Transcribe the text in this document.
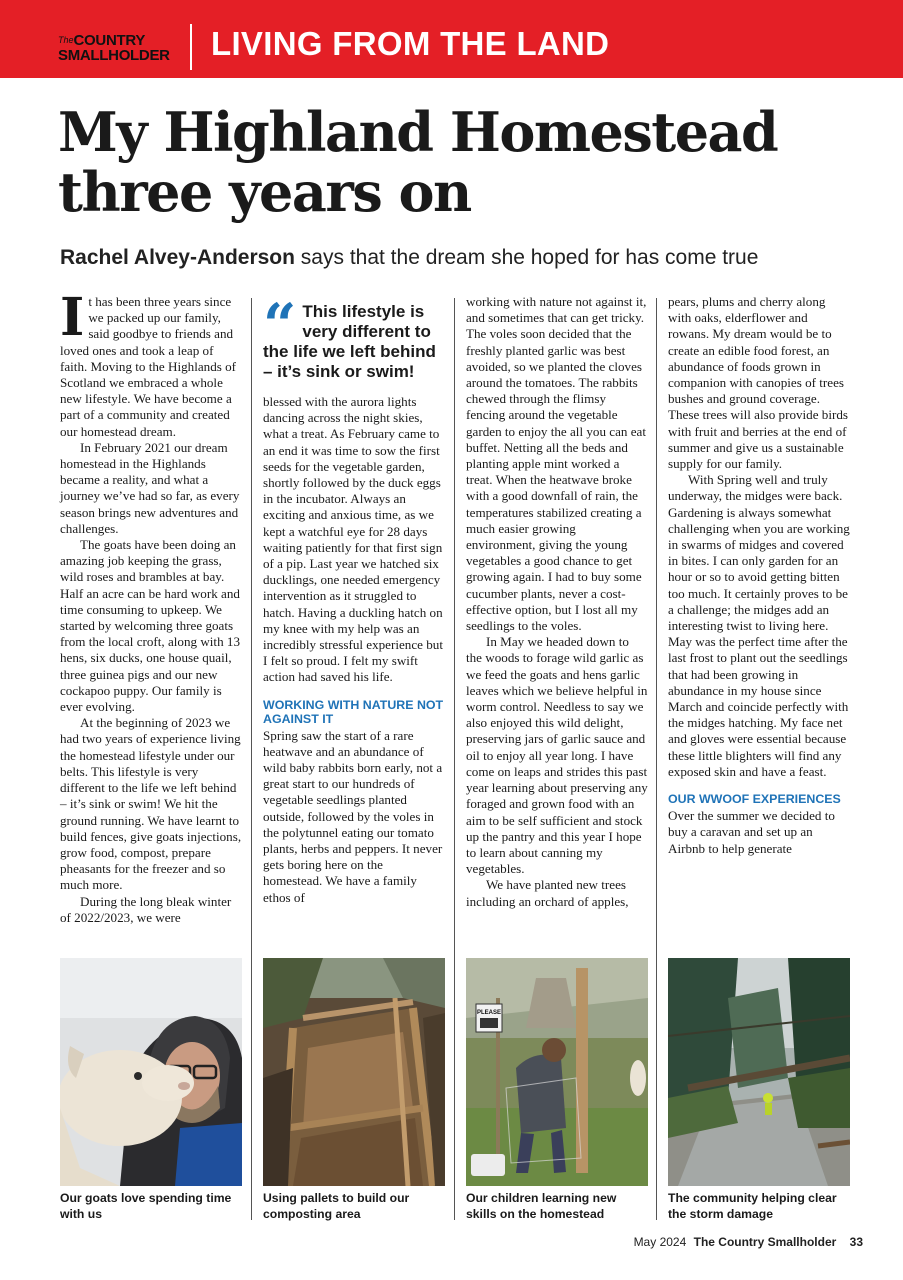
$^{The}$COUNTRY
SMALLHOLDER LIVING FROM THE LAND
My Highland Homestead three years on
Rachel Alvey-Anderson says that the dream she hoped for has come true

It has been three years since we packed up our family, said goodbye to friends and loved ones and took a leap of faith. Moving to the Highlands of Scotland we embraced a whole new lifestyle. We have become a part of a community and created our homestead dream.

In February 2021 our dream homestead in the Highlands became a reality, and what a journey we’ve had so far, as every season brings new adventures and challenges.

The goats have been doing an amazing job keeping the grass, wild roses and brambles at bay. Half an acre can be hard work and time consuming to upkeep. We started by welcoming three goats from the local croft, along with 13 hens, six ducks, one house quail, three guinea pigs and our new cockapoo puppy. Our family is ever evolving.

At the beginning of 2023 we had two years of experience living the homestead lifestyle under our belts. This lifestyle is very different to the life we left behind – it’s sink or swim! We hit the ground running. We have learnt to build fences, give goats injections, grow food, compost, prepare pheasants for the freezer and so much more.

During the long bleak winter of 2022/2023, we were

“ This lifestyle is very different to the life we left behind – it’s sink or swim!

blessed with the aurora lights dancing across the night skies, what a treat. As February came to an end it was time to sow the first seeds for the vegetable garden, shortly followed by the duck eggs in the incubator. Always an exciting and anxious time, as we kept a watchful eye for 28 days waiting patiently for that first sign of a pip. Last year we hatched six ducklings, one needed emergency intervention as it struggled to hatch. Having a duckling hatch on my knee with my help was an incredibly stressful experience but I felt so proud. I felt my swift action had saved his life.

WORKING WITH NATURE NOT AGAINST IT

Spring saw the start of a rare heatwave and an abundance of wild baby rabbits born early, not a great start to our hundreds of vegetable seedlings planted outside, followed by the voles in the polytunnel eating our tomato plants, herbs and peppers. It never gets boring here on the homestead. We have a family ethos of

working with nature not against it, and sometimes that can get tricky. The voles soon decided that the freshly planted garlic was best avoided, so we planted the cloves around the tomatoes. The rabbits chewed through the flimsy fencing around the vegetable garden to enjoy the all you can eat buffet. Netting all the beds and planting apple mint worked a treat. When the heatwave broke with a good downfall of rain, the temperatures stabilized creating a much easier growing environment, giving the young vegetables a good chance to get growing again. I had to buy some cucumber plants, never a cost-effective option, but I lost all my seedlings to the voles.

In May we headed down to the woods to forage wild garlic as we feed the goats and hens garlic leaves which we believe helpful in worm control. Needless to say we also enjoyed this wild delight, preserving jars of garlic sauce and oil to enjoy all year long. I have come on leaps and strides this past year learning about preserving any foraged and grown food with an aim to be self sufficient and stock up the pantry and this year I hope to learn about canning my vegetables.

We have planted new trees including an orchard of apples,

pears, plums and cherry along with oaks, elderflower and rowans. My dream would be to create an edible food forest, an abundance of foods grown in companion with canopies of trees bushes and ground coverage. These trees will also provide birds with fruit and berries at the end of summer and give us a sustainable supply for our family.

With Spring well and truly underway, the midges were back. Gardening is always somewhat challenging when you are working in swarms of midges and covered in bites. I can only garden for an hour or so to avoid getting bitten too much. It certainly proves to be a challenge; the midges add an interesting twist to living here. May was the perfect time after the last frost to plant out the seedlings that had been growing in abundance in my house since March and coincide perfectly with the midges hatching. My face net and gloves were essential because these little blighters will find any exposed skin and have a feast.

OUR WWOOF EXPERIENCES

Over the summer we decided to buy a caravan and set up an Airbnb to help generate

Our goats love spending time with us
Using pallets to build our composting area
PLEASE
Our children learning new skills on the homestead
The community helping clear the storm damage
May 2024 The Country Smallholder 33
